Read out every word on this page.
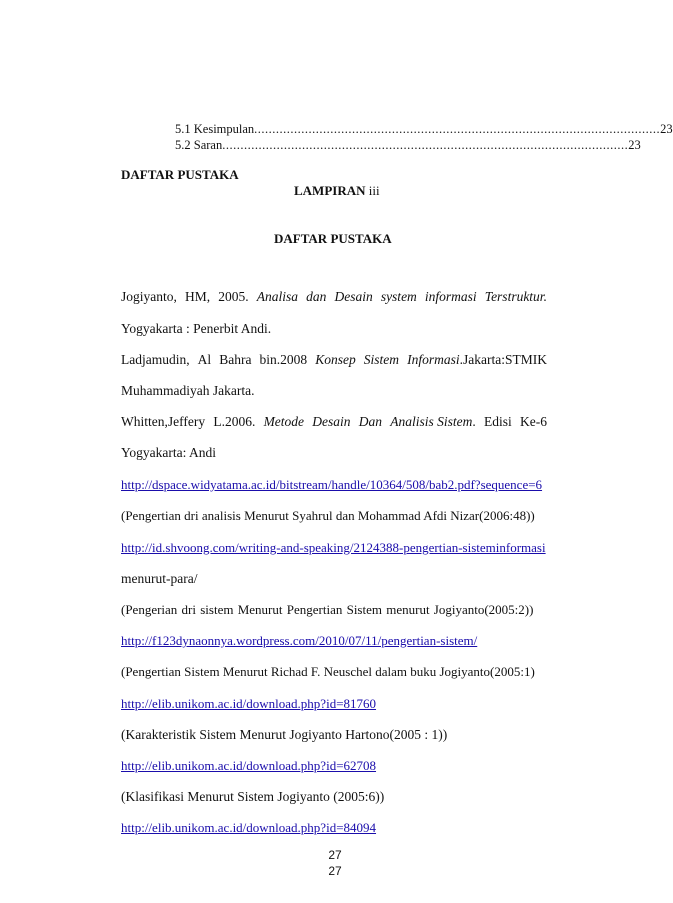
5.1 Kesimpulan ................................................................................................................ 23
5.2 Saran ................................................................................................................ 23
DAFTAR PUSTAKA
LAMPIRAN iii
DAFTAR PUSTAKA
Jogiyanto, HM, 2005. Analisa dan Desain system informasi Terstruktur.
Yogyakarta : Penerbit Andi.
Ladjamudin, Al Bahra bin.2008 Konsep Sistem Informasi.Jakarta:STMIK
Muhammadiyah Jakarta.
Whitten,Jeffery L.2006. Metode Desain Dan Analisis Sistem. Edisi Ke-6
Yogyakarta: Andi
http://dspace.widyatama.ac.id/bitstream/handle/10364/508/bab2.pdf?sequence=6
(Pengertian dri analisis Menurut Syahrul dan Mohammad Afdi Nizar(2006:48))
http://id.shvoong.com/writing-and-speaking/2124388-pengertian-sisteminformasi
menurut-para/
(Pengerian dri sistem Menurut Pengertian Sistem menurut Jogiyanto(2005:2))
http://f123dynaonnya.wordpress.com/2010/07/11/pengertian-sistem/
(Pengertian Sistem Menurut Richad F. Neuschel dalam buku Jogiyanto(2005:1)
http://elib.unikom.ac.id/download.php?id=81760
(Karakteristik Sistem Menurut Jogiyanto Hartono(2005 : 1))
http://elib.unikom.ac.id/download.php?id=62708
(Klasifikasi Menurut Sistem Jogiyanto (2005:6))
http://elib.unikom.ac.id/download.php?id=84094
27
27
